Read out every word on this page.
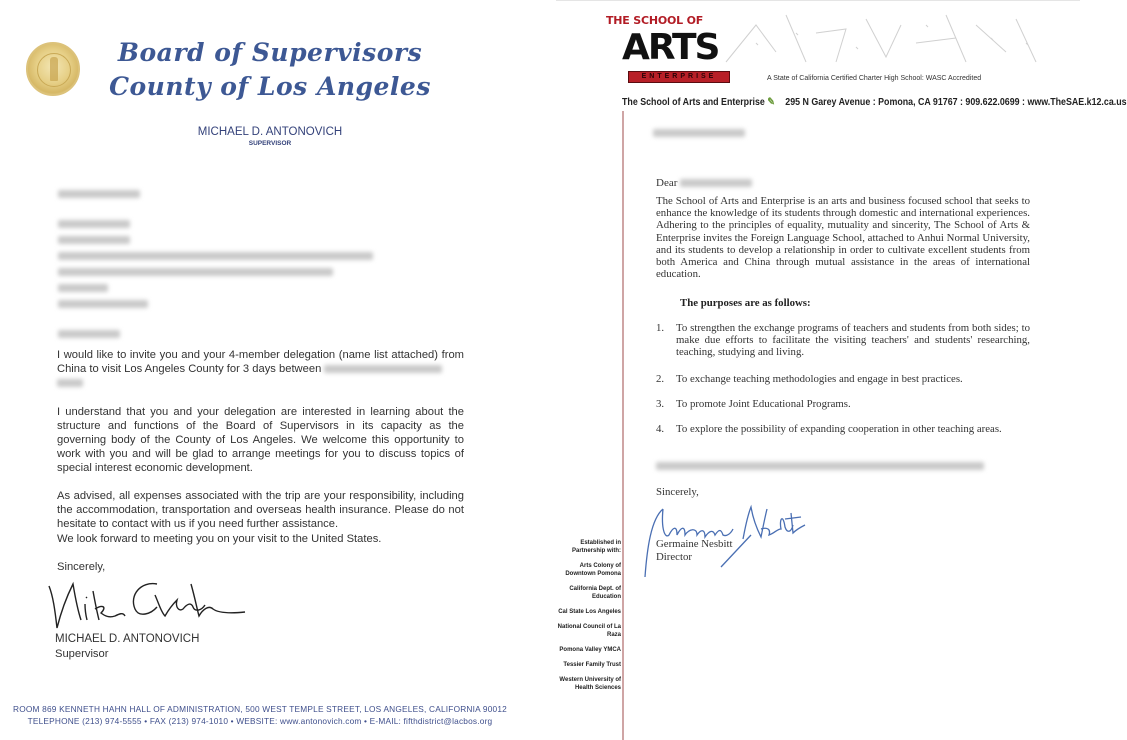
Board of Supervisors
County of Los Angeles
MICHAEL D. ANTONOVICH
SUPERVISOR
I would like to invite you and your 4-member delegation (name list attached) from China to visit Los Angeles County for 3 days between

I understand that you and your delegation are interested in learning about the structure and functions of the Board of Supervisors in its capacity as the governing body of the County of Los Angeles. We welcome this opportunity to work with you and will be glad to arrange meetings for you to discuss topics of special interest economic development.
As advised, all expenses associated with the trip are your responsibility, including the accommodation, transportation and overseas health insurance. Please do not hesitate to contact with us if you need further assistance.
We look forward to meeting you on your visit to the United States.
Sincerely,
MICHAEL D. ANTONOVICH
Supervisor
ROOM 869 KENNETH HAHN HALL OF ADMINISTRATION, 500 WEST TEMPLE STREET, LOS ANGELES, CALIFORNIA 90012
TELEPHONE (213) 974-5555 • FAX (213) 974-1010 • WEBSITE: www.antonovich.com • E-MAIL: fifthdistrict@lacbos.org
THE SCHOOL OF
ARTS
ENTERPRISE	A State of California Certified Charter High School: WASC Accredited
The School of Arts and Enterprise ✎ 295 N Garey Avenue : Pomona, CA 91767 : 909.622.0699 : www.TheSAE.k12.ca.us
Established in Partnership with:
Arts Colony of Downtown Pomona
California Dept. of Education
Cal State Los Angeles
National Council of La Raza
Pomona Valley YMCA
Tessier Family Trust
Western University of Health Sciences
Dear
The School of Arts and Enterprise is an arts and business focused school that seeks to enhance the knowledge of its students through domestic and international experiences. Adhering to the principles of equality, mutuality and sincerity, The School of Arts & Enterprise invites the Foreign Language School, attached to Anhui Normal University, and its students to develop a relationship in order to cultivate excellent students from both America and China through mutual assistance in the areas of international education.
The purposes are as follows:
1.	To strengthen the exchange programs of teachers and students from both sides; to make due efforts to facilitate the visiting teachers' and students' researching, teaching, studying and living.
2.	To exchange teaching methodologies and engage in best practices.
3.	To promote Joint Educational Programs.
4.	To explore the possibility of expanding cooperation in other teaching areas.
Sincerely,
Germaine Nesbitt
Director
